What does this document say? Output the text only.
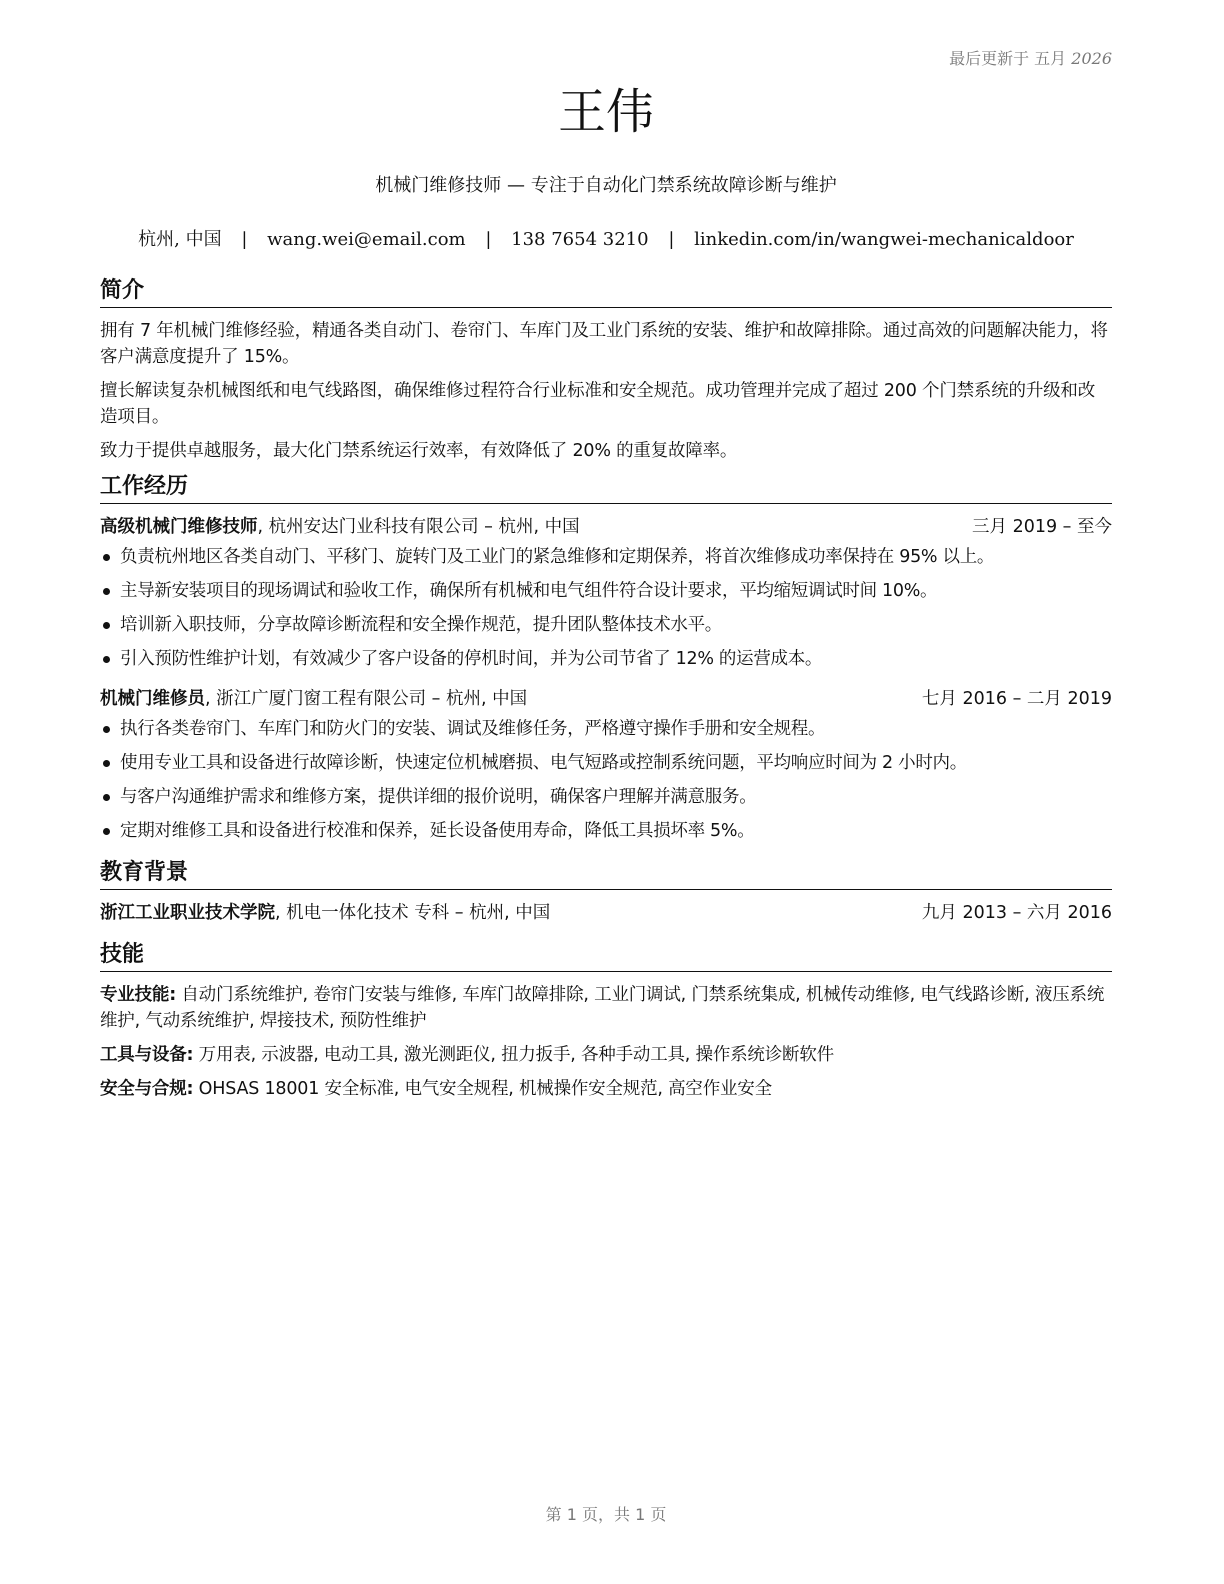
最后更新于 五月 2026
王伟
机械门维修技师 — 专注于自动化门禁系统故障诊断与维护
杭州, 中国 | wang.wei@email.com | 138 7654 3210 | linkedin.com/in/wangwei-mechanicaldoor
简介

拥有 7 年机械门维修经验，精通各类自动门、卷帘门、车库门及工业门系统的安装、维护和故障排除。通过高效的问题解决能力，将客户满意度提升了 15%。

擅长解读复杂机械图纸和电气线路图，确保维修过程符合行业标准和安全规范。成功管理并完成了超过 200 个门禁系统的升级和改造项目。

致力于提供卓越服务，最大化门禁系统运行效率，有效降低了 20% 的重复故障率。

工作经历
高级机械门维修技师, 杭州安达门业科技有限公司 – 杭州, 中国	三月 2019 – 至今
负责杭州地区各类自动门、平移门、旋转门及工业门的紧急维修和定期保养，将首次维修成功率保持在 95% 以上。
主导新安装项目的现场调试和验收工作，确保所有机械和电气组件符合设计要求，平均缩短调试时间 10%。
培训新入职技师，分享故障诊断流程和安全操作规范，提升团队整体技术水平。
引入预防性维护计划，有效减少了客户设备的停机时间，并为公司节省了 12% 的运营成本。
机械门维修员, 浙江广厦门窗工程有限公司 – 杭州, 中国	七月 2016 – 二月 2019
执行各类卷帘门、车库门和防火门的安装、调试及维修任务，严格遵守操作手册和安全规程。
使用专业工具和设备进行故障诊断，快速定位机械磨损、电气短路或控制系统问题，平均响应时间为 2 小时内。
与客户沟通维护需求和维修方案，提供详细的报价说明，确保客户理解并满意服务。
定期对维修工具和设备进行校准和保养，延长设备使用寿命，降低工具损坏率 5%。
教育背景
浙江工业职业技术学院, 机电一体化技术 专科 – 杭州, 中国	九月 2013 – 六月 2016
技能

专业技能: 自动门系统维护, 卷帘门安装与维修, 车库门故障排除, 工业门调试, 门禁系统集成, 机械传动维修, 电气线路诊断, 液压系统维护, 气动系统维护, 焊接技术, 预防性维护

工具与设备: 万用表, 示波器, 电动工具, 激光测距仪, 扭力扳手, 各种手动工具, 操作系统诊断软件

安全与合规: OHSAS 18001 安全标准, 电气安全规程, 机械操作安全规范, 高空作业安全

第 1 页，共 1 页
